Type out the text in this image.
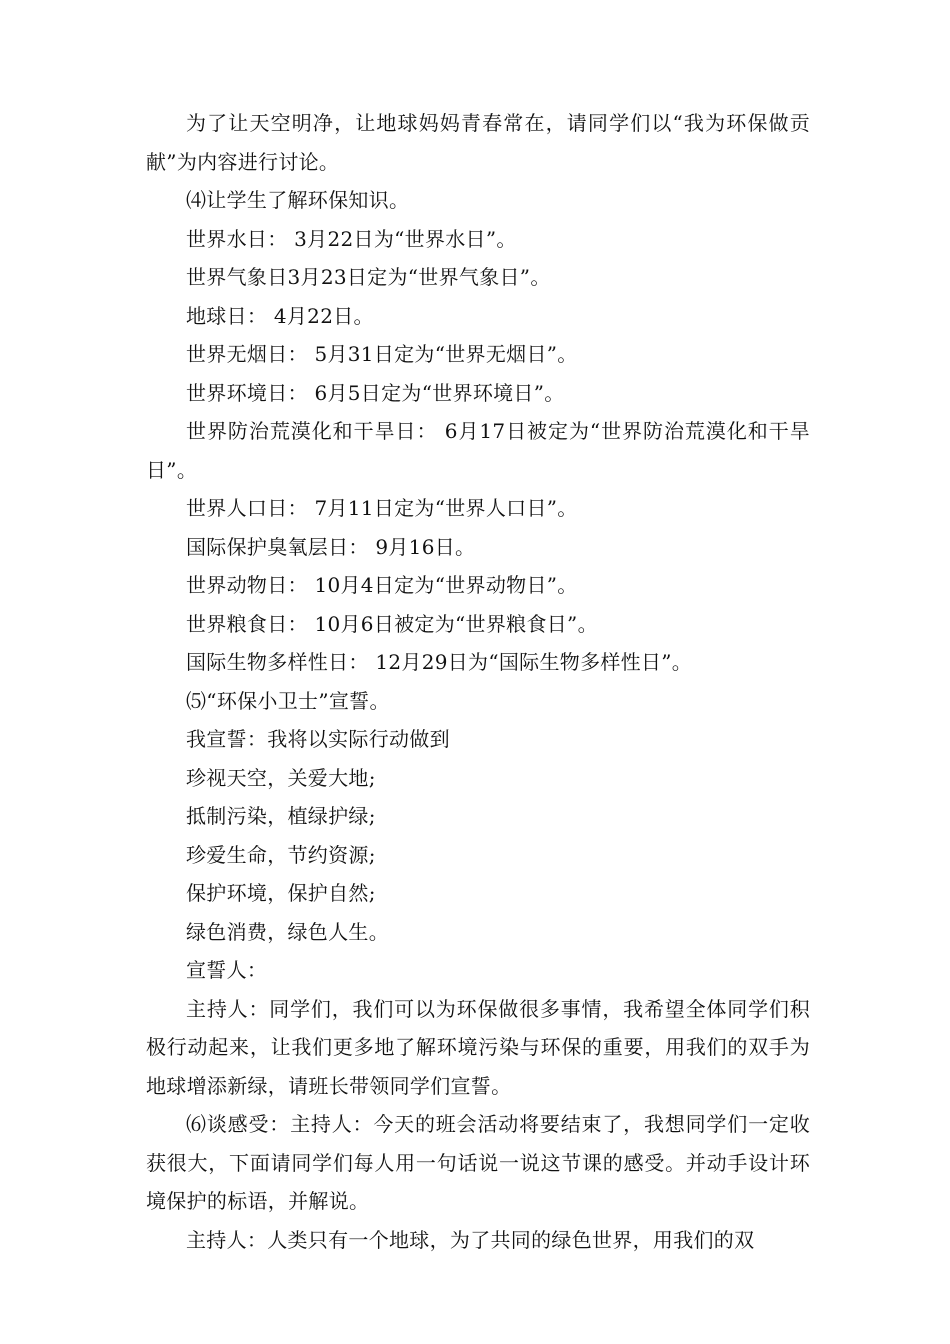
为了让天空明净，让地球妈妈青春常在，请同学们以“我为环保做贡献”为内容进行讨论。

⑷让学生了解环保知识。

世界水日： 3月22日为“世界水日”。

世界气象日3月23日定为“世界气象日”。

地球日： 4月22日。

世界无烟日： 5月31日定为“世界无烟日”。

世界环境日： 6月5日定为“世界环境日”。

世界防治荒漠化和干旱日： 6月17日被定为“世界防治荒漠化和干旱日”。

世界人口日： 7月11日定为“世界人口日”。

国际保护臭氧层日： 9月16日。

世界动物日： 10月4日定为“世界动物日”。

世界粮食日： 10月6日被定为“世界粮食日”。

国际生物多样性日： 12月29日为“国际生物多样性日”。

⑸“环保小卫士”宣誓。

我宣誓：我将以实际行动做到

珍视天空，关爱大地;

抵制污染，植绿护绿;

珍爱生命，节约资源;

保护环境，保护自然;

绿色消费，绿色人生。

宣誓人：

主持人：同学们，我们可以为环保做很多事情，我希望全体同学们积极行动起来，让我们更多地了解环境污染与环保的重要，用我们的双手为地球增添新绿，请班长带领同学们宣誓。

⑹谈感受：主持人：今天的班会活动将要结束了，我想同学们一定收获很大，下面请同学们每人用一句话说一说这节课的感受。并动手设计环境保护的标语，并解说。

主持人：人类只有一个地球，为了共同的绿色世界，用我们的双
